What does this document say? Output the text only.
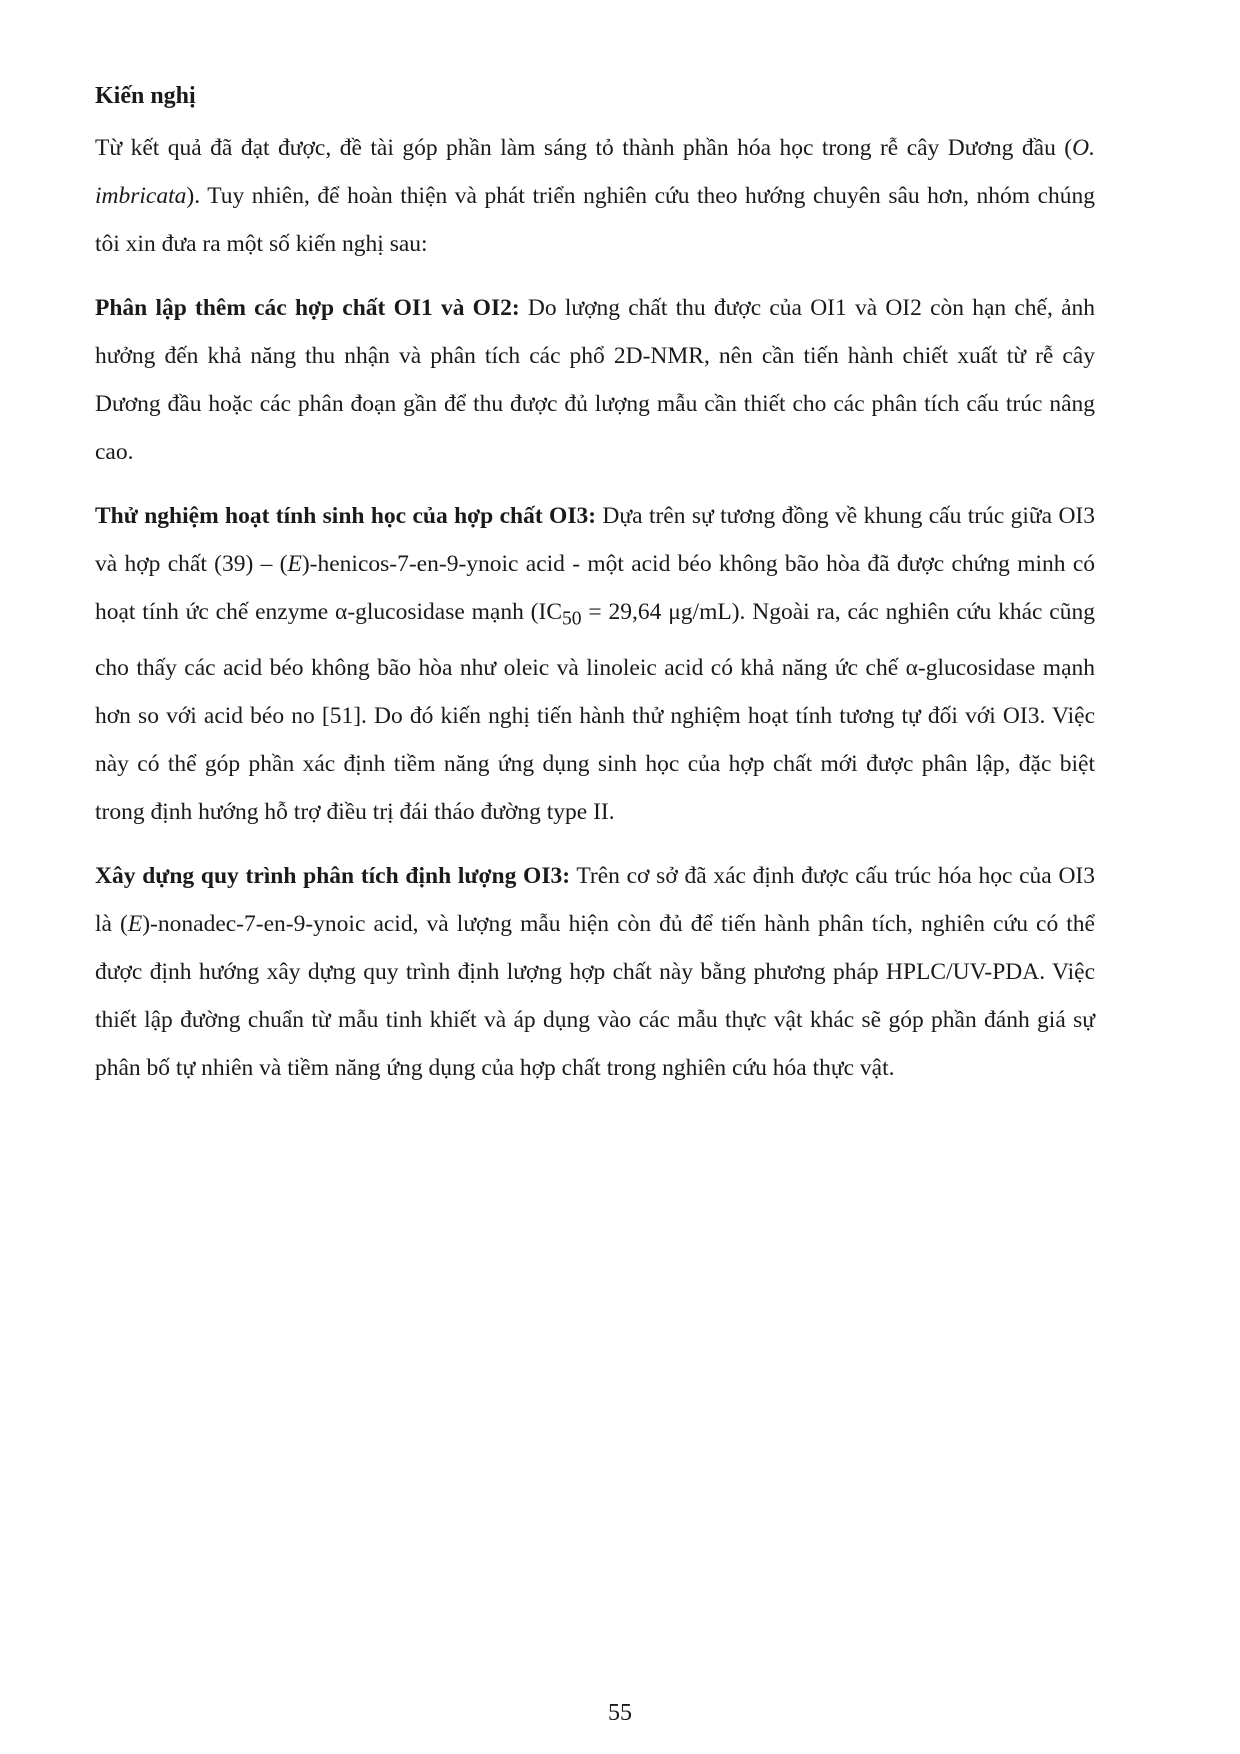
Kiến nghị

Từ kết quả đã đạt được, đề tài góp phần làm sáng tỏ thành phần hóa học trong rễ cây Dương đầu (O. imbricata). Tuy nhiên, để hoàn thiện và phát triển nghiên cứu theo hướng chuyên sâu hơn, nhóm chúng tôi xin đưa ra một số kiến nghị sau:

Phân lập thêm các hợp chất OI1 và OI2: Do lượng chất thu được của OI1 và OI2 còn hạn chế, ảnh hưởng đến khả năng thu nhận và phân tích các phổ 2D-NMR, nên cần tiến hành chiết xuất từ rễ cây Dương đầu hoặc các phân đoạn gần để thu được đủ lượng mẫu cần thiết cho các phân tích cấu trúc nâng cao.

Thử nghiệm hoạt tính sinh học của hợp chất OI3: Dựa trên sự tương đồng về khung cấu trúc giữa OI3 và hợp chất (39) – (E)-henicos-7-en-9-ynoic acid - một acid béo không bão hòa đã được chứng minh có hoạt tính ức chế enzyme α-glucosidase mạnh ($IC_{50} = 29,64$ μg/mL). Ngoài ra, các nghiên cứu khác cũng cho thấy các acid béo không bão hòa như oleic và linoleic acid có khả năng ức chế α-glucosidase mạnh hơn so với acid béo no [51]. Do đó kiến nghị tiến hành thử nghiệm hoạt tính tương tự đối với OI3. Việc này có thể góp phần xác định tiềm năng ứng dụng sinh học của hợp chất mới được phân lập, đặc biệt trong định hướng hỗ trợ điều trị đái tháo đường type II.

Xây dựng quy trình phân tích định lượng OI3: Trên cơ sở đã xác định được cấu trúc hóa học của OI3 là (E)-nonadec-7-en-9-ynoic acid, và lượng mẫu hiện còn đủ để tiến hành phân tích, nghiên cứu có thể được định hướng xây dựng quy trình định lượng hợp chất này bằng phương pháp HPLC/UV-PDA. Việc thiết lập đường chuẩn từ mẫu tinh khiết và áp dụng vào các mẫu thực vật khác sẽ góp phần đánh giá sự phân bố tự nhiên và tiềm năng ứng dụng của hợp chất trong nghiên cứu hóa thực vật.

55
